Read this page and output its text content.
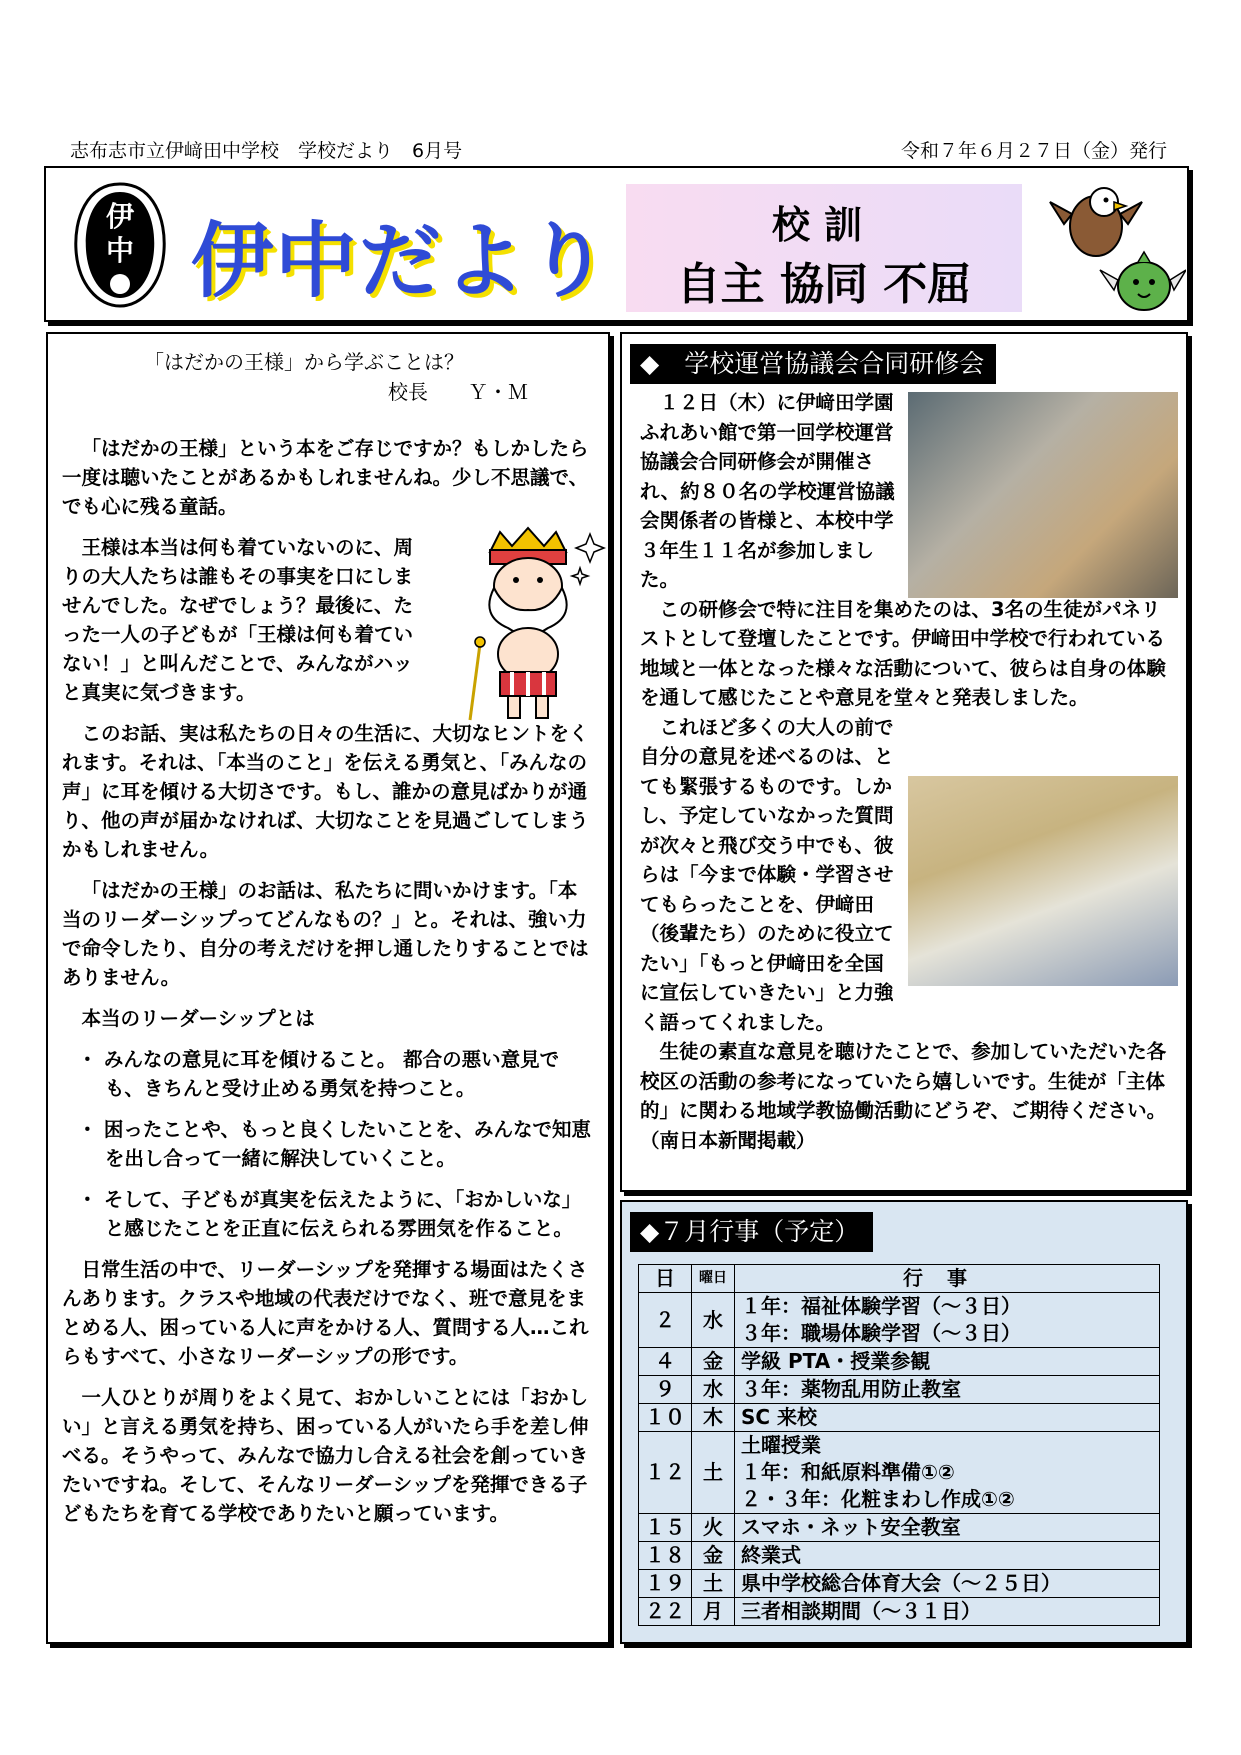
志布志市立伊﨑田中学校　学校だより　6月号	令和７年６月２７日（金）発行
伊
中 伊中だより	校訓
自主 協同 不屈
「はだかの王様」から学ぶことは？
校長　　Ｙ・Ｍ

「はだかの王様」という本をご存じですか？もしかしたら一度は聴いたことがあるかもしれませんね。少し不思議で、でも心に残る童話。

王様は本当は何も着ていないのに、周りの大人たちは誰もその事実を口にしませんでした。なぜでしょう？最後に、たった一人の子どもが「王様は何も着ていない！」と叫んだことで、みんながハッと真実に気づきます。

このお話、実は私たちの日々の生活に、大切なヒントをくれます。それは、「本当のこと」を伝える勇気と、「みんなの声」に耳を傾ける大切さです。もし、誰かの意見ばかりが通り、他の声が届かなければ、大切なことを見過ごしてしまうかもしれません。

「はだかの王様」のお話は、私たちに問いかけます。「本当のリーダーシップってどんなもの？」と。それは、強い力で命令したり、自分の考えだけを押し通したりすることではありません。

本当のリーダーシップとは

・ みんなの意見に耳を傾けること。 都合の悪い意見でも、きちんと受け止める勇気を持つこと。
・ 困ったことや、もっと良くしたいことを、みんなで知恵を出し合って一緒に解決していくこと。
・ そして、子どもが真実を伝えたように、「おかしいな」と感じたことを正直に伝えられる雰囲気を作ること。

日常生活の中で、リーダーシップを発揮する場面はたくさんあります。クラスや地域の代表だけでなく、班で意見をまとめる人、困っている人に声をかける人、質問する人…これらもすべて、小さなリーダーシップの形です。

一人ひとりが周りをよく見て、おかしいことには「おかしい」と言える勇気を持ち、困っている人がいたら手を差し伸べる。そうやって、みんなで協力し合える社会を創っていきたいですね。そして、そんなリーダーシップを発揮できる子どもたちを育てる学校でありたいと願っています。

◆　学校運営協議会合同研修会

１２日（木）に伊﨑田学園ふれあい館で第一回学校運営協議会合同研修会が開催され、約８０名の学校運営協議会関係者の皆様と、本校中学３年生１１名が参加しました。

この研修会で特に注目を集めたのは、3名の生徒がパネリストとして登壇したことです。伊﨑田中学校で行われている地域と一体となった様々な活動について、彼らは自身の体験を通して感じたことや意見を堂々と発表しました。

これほど多くの大人の前で自分の意見を述べるのは、とても緊張するものです。しかし、予定していなかった質問が次々と飛び交う中でも、彼らは「今まで体験・学習させてもらったことを、伊﨑田（後輩たち）のために役立てたい」「もっと伊﨑田を全国に宣伝していきたい」と力強く語ってくれました。

生徒の素直な意見を聴けたことで、参加していただいた各校区の活動の参考になっていたら嬉しいです。生徒が「主体的」に関わる地域学教協働活動にどうぞ、ご期待ください。（南日本新聞掲載）

◆７月行事（予定）
日	曜日	行事
２	水	１年：福祉体験学習（～３日）
３年：職場体験学習（～３日）

４	金	学級 PTA・授業参観

９	水	３年：薬物乱用防止教室

１０	木	SC 来校

１２	土	土曜授業
１年：和紙原料準備①②
２・３年：化粧まわし作成①②

１５	火	スマホ・ネット安全教室

１８	金	終業式

１９	土	県中学校総合体育大会（～２５日）

２２	月	三者相談期間（～３１日）
